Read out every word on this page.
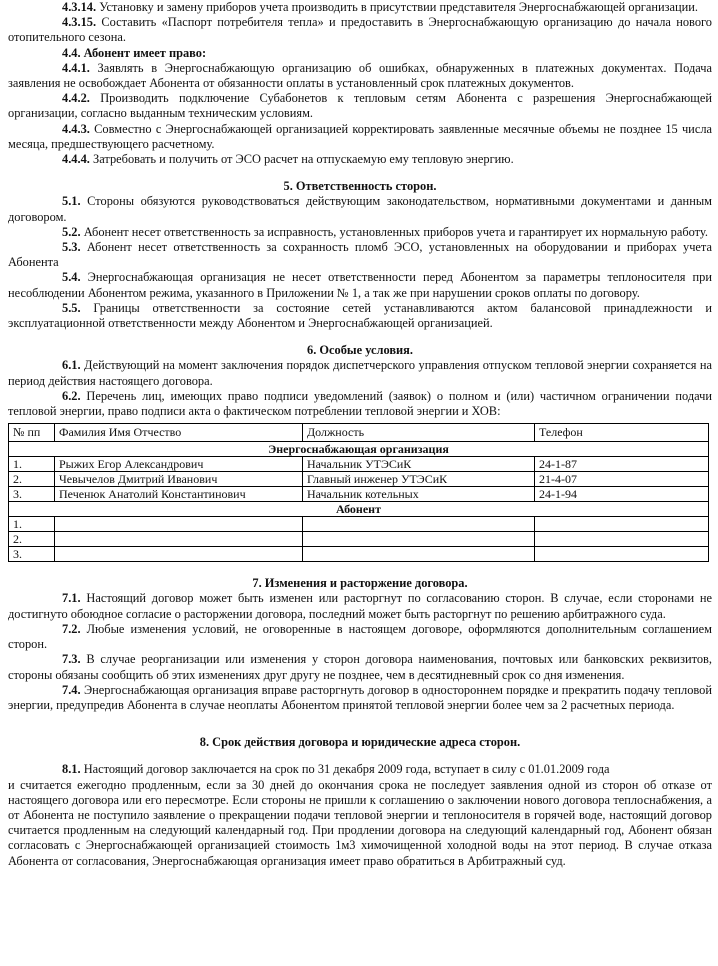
4.3.14. Установку и замену приборов учета производить в присутствии представителя Энергоснабжающей организации.

4.3.15. Составить «Паспорт потребителя тепла» и предоставить в Энергоснабжающую организацию до начала нового отопительного сезона.

4.4. Абонент имеет право:

4.4.1. Заявлять в Энергоснабжающую организацию об ошибках, обнаруженных в платежных документах. Подача заявления не освобождает Абонента от обязанности оплаты в установленный срок платежных документов.

4.4.2. Производить подключение Субабонетов к тепловым сетям Абонента с разрешения Энергоснабжающей организации, согласно выданным техническим условиям.

4.4.3. Совместно с Энергоснабжающей организацией корректировать заявленные месячные объемы не позднее 15 числа месяца, предшествующего расчетному.

4.4.4. Затребовать и получить от ЭСО расчет на отпускаемую ему тепловую энергию.

5. Ответственность сторон.

5.1. Стороны обязуются руководствоваться действующим законодательством, нормативными документами и данным договором.

5.2. Абонент несет ответственность за исправность, установленных приборов учета и гарантирует их нормальную работу.

5.3. Абонент несет ответственность за сохранность пломб ЭСО, установленных на оборудовании и приборах учета Абонента

5.4. Энергоснабжающая организация не несет ответственности перед Абонентом за параметры теплоносителя при несоблюдении Абонентом режима, указанного в Приложении № 1, а так же при нарушении сроков оплаты по договору.

5.5. Границы ответственности за состояние сетей устанавливаются актом балансовой принадлежности и эксплуатационной ответственности между Абонентом и Энергоснабжающей организацией.

6. Особые условия.

6.1. Действующий на момент заключения порядок диспетчерского управления отпуском тепловой энергии сохраняется на период действия настоящего договора.

6.2. Перечень лиц, имеющих право подписи уведомлений (заявок) о полном и (или) частичном ограничении подачи тепловой энергии, право подписи акта о фактическом потреблении тепловой энергии и ХОВ:

№ пп	Фамилия Имя Отчество	Должность	Телефон
Энергоснабжающая организация			
1.	Рыжих Егор Александрович	Начальник УТЭСиК	24-1-87
2.	Чевычелов Дмитрий Иванович	Главный инженер УТЭСиК	21-4-07
3.	Печенюк Анатолий Константинович	Начальник котельных	24-1-94
Абонент			
1.			
2.			
3.			

7. Изменения и расторжение договора.

7.1. Настоящий договор может быть изменен или расторгнут по согласованию сторон. В случае, если сторонами не достигнуто обоюдное согласие о расторжении договора, последний может быть расторгнут по решению арбитражного суда.

7.2. Любые изменения условий, не оговоренные в настоящем договоре, оформляются дополнительным соглашением сторон.

7.3. В случае реорганизации или изменения у сторон договора наименования, почтовых или банковских реквизитов, стороны обязаны сообщить об этих изменениях друг другу не позднее, чем в десятидневный срок со дня изменения.

7.4. Энергоснабжающая организация вправе расторгнуть договор в одностороннем порядке и прекратить подачу тепловой энергии, предупредив Абонента в случае неоплаты Абонентом принятой тепловой энергии более чем за 2 расчетных периода.

8. Срок действия договора и юридические адреса сторон.

8.1. Настоящий договор заключается на срок по 31 декабря 2009 года, вступает в силу с 01.01.2009 года

и считается ежегодно продленным, если за 30 дней до окончания срока не последует заявления одной из сторон об отказе от настоящего договора или его пересмотре. Если стороны не пришли к соглашению о заключении нового договора теплоснабжения, а от Абонента не поступило заявление о прекращении подачи тепловой энергии и теплоносителя в горячей воде, настоящий договор считается продленным на следующий календарный год. При продлении договора на следующий календарный год, Абонент обязан согласовать с Энергоснабжающей организацией стоимость 1м3 химочищенной холодной воды на этот период. В случае отказа Абонента от согласования, Энергоснабжающая организация имеет право обратиться в Арбитражный суд.
